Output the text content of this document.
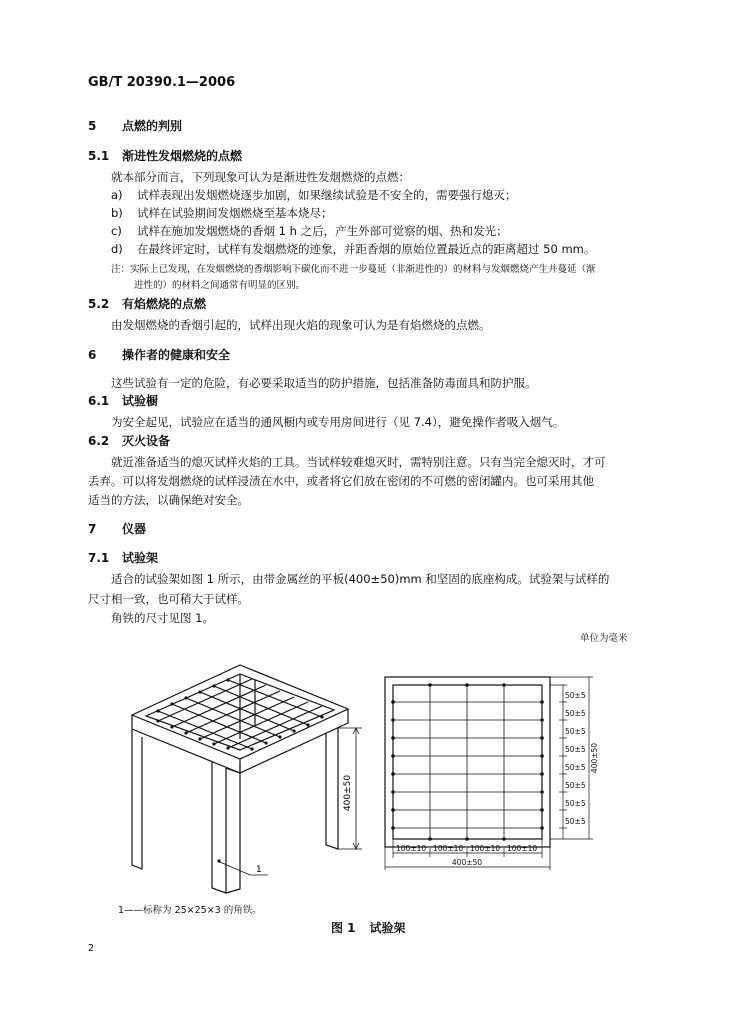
GB/T 20390.1—2006
5 点燃的判别
5.1 渐进性发烟燃烧的点燃
就本部分而言，下列现象可认为是渐进性发烟燃烧的点燃：
a) 试样表现出发烟燃烧逐步加剧，如果继续试验是不安全的，需要强行熄灭；
b) 试样在试验期间发烟燃烧至基本烧尽；
c) 试样在施加发烟燃烧的香烟 1 h 之后，产生外部可觉察的烟、热和发光；
d) 在最终评定时，试样有发烟燃烧的迹象，并距香烟的原始位置最近点的距离超过 50 mm。
注：实际上已发现，在发烟燃烧的香烟影响下碳化而不进一步蔓延（非渐进性的）的材料与发烟燃烧产生并蔓延（渐
进性的）的材料之间通常有明显的区别。
5.2 有焰燃烧的点燃
由发烟燃烧的香烟引起的，试样出现火焰的现象可认为是有焰燃烧的点燃。
6 操作者的健康和安全
这些试验有一定的危险，有必要采取适当的防护措施，包括准备防毒面具和防护服。
6.1 试验橱
为安全起见，试验应在适当的通风橱内或专用房间进行（见 7.4），避免操作者吸入烟气。
6.2 灭火设备
就近准备适当的熄灭试样火焰的工具。当试样较难熄灭时，需特别注意。只有当完全熄灭时，才可
丢弃。可以将发烟燃烧的试样浸渍在水中，或者将它们放在密闭的不可燃的密闭罐内。也可采用其他
适当的方法，以确保绝对安全。
7 仪器
7.1 试验架
适合的试验架如图 1 所示，由带金属丝的平板(400±50)mm 和坚固的底座构成。试验架与试样的
尺寸相一致，也可稍大于试样。
角铁的尺寸见图 1。
单位为毫米
400±50
1
50±5
50±5
50±5
50±5
50±5
50±5
50±5
50±5
100±10 100±10 100±10 100±10
400±50
400±50
1——标称为 25×25×3 的角铁。
图 1 试验架
2
